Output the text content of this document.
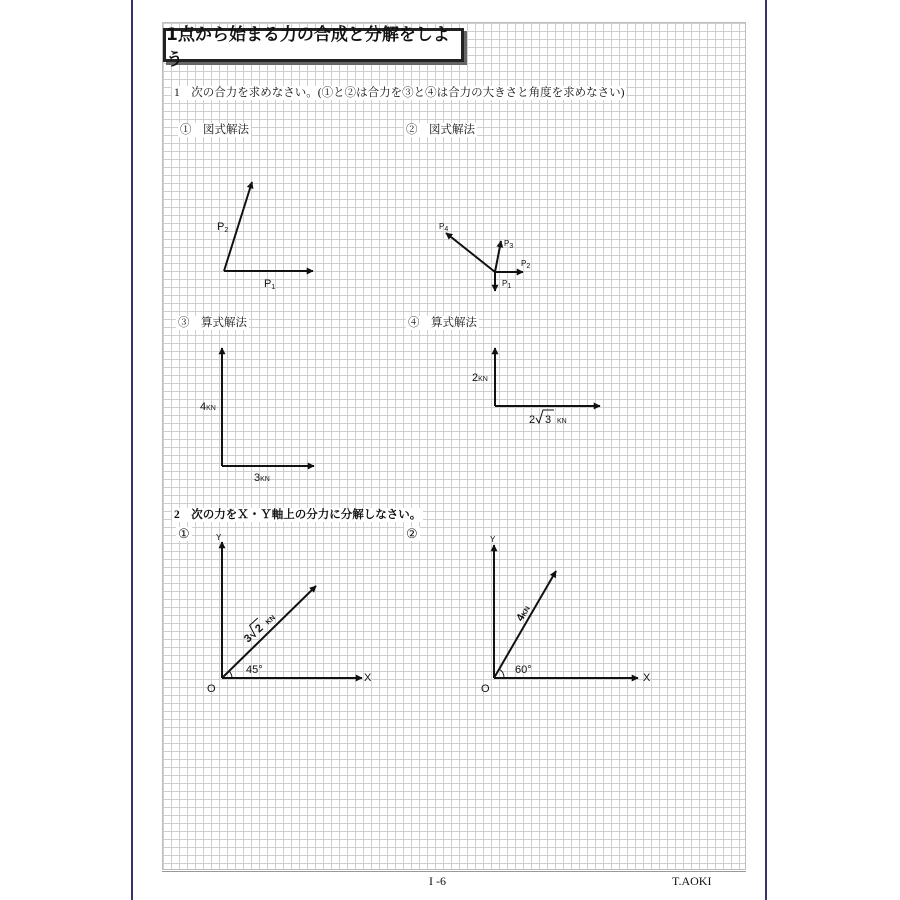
1点から始まる力の合成と分解をしよう
1　次の合力を求めなさい。(①と②は合力を③と④は合力の大きさと角度を求めなさい)
①　図式解法	②　図式解法
③　算式解法	④　算式解法
2　次の力をＸ・Ｙ軸上の分力に分解しなさい。
①	②
P2
P1
P4
P3
P2
P1
4KN
3KN
2KN
2 3 KN
Y
X
O
45°
3
2
KN
Y
X
O
60°
4KN
I -6	T.AOKI
